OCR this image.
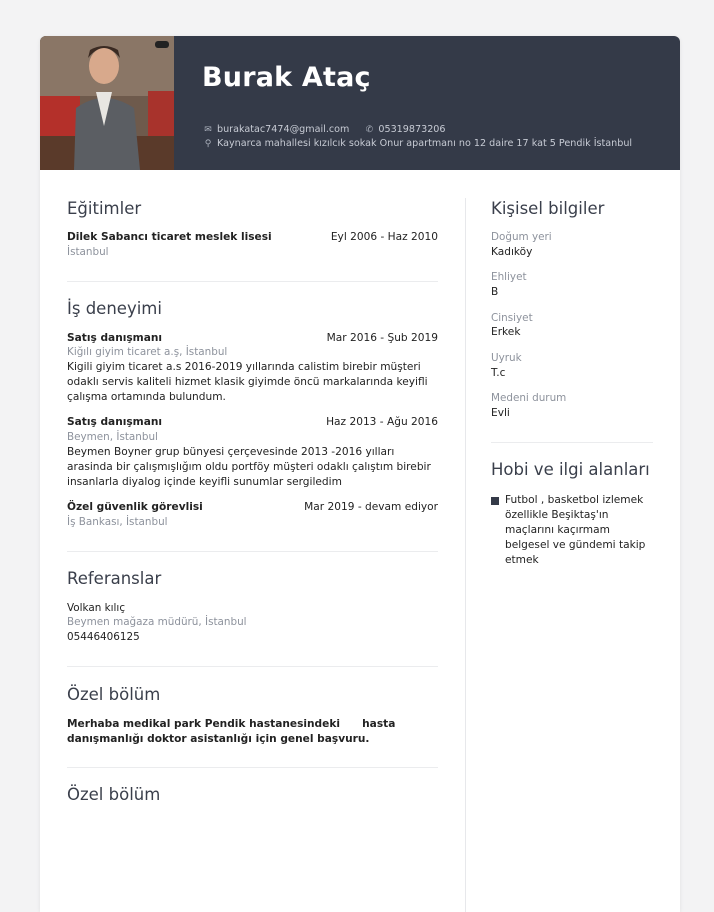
Burak Ataç
✉ burakatac7474@gmail.com ✆ 05319873206
⚲ Kaynarca mahallesi kızılcık sokak Onur apartmanı no 12 daire 17 kat 5 Pendik İstanbul
Eğitimler
Dilek Sabancı ticaret meslek lisesi	Eyl 2006 - Haz 2010
İstanbul
İş deneyimi
Satış danışmanı	Mar 2016 - Şub 2019
Kiğılı giyim ticaret a.ş, İstanbul
Kigili giyim ticaret a.s 2016-2019 yıllarında calistim birebir müşteri odaklı servis kaliteli hizmet klasik giyimde öncü markalarında keyifli çalışma ortamında bulundum.
Satış danışmanı	Haz 2013 - Ağu 2016
Beymen, İstanbul
Beymen Boyner grup bünyesi çerçevesinde 2013 -2016 yılları arasinda bir çalışmışlığım oldu portföy müşteri odaklı çalıştım birebir insanlarla diyalog içinde keyifli sunumlar sergiledim
Özel güvenlik görevlisi	Mar 2019 - devam ediyor
İş Bankası, İstanbul
Referanslar
Volkan kılıç
Beymen mağaza müdürü, İstanbul
05446406125
Özel bölüm
Merhaba medikal park Pendik hastanesindeki      hasta danışmanlığı doktor asistanlığı için genel başvuru.
Özel bölüm
Kişisel bilgiler
Doğum yeri
Kadıköy
Ehliyet
B
Cinsiyet
Erkek
Uyruk
T.c
Medeni durum
Evli
Hobi ve ilgi alanları
Futbol , basketbol izlemek özellikle Beşiktaş'ın maçlarını kaçırmam belgesel ve gündemi takip etmek
